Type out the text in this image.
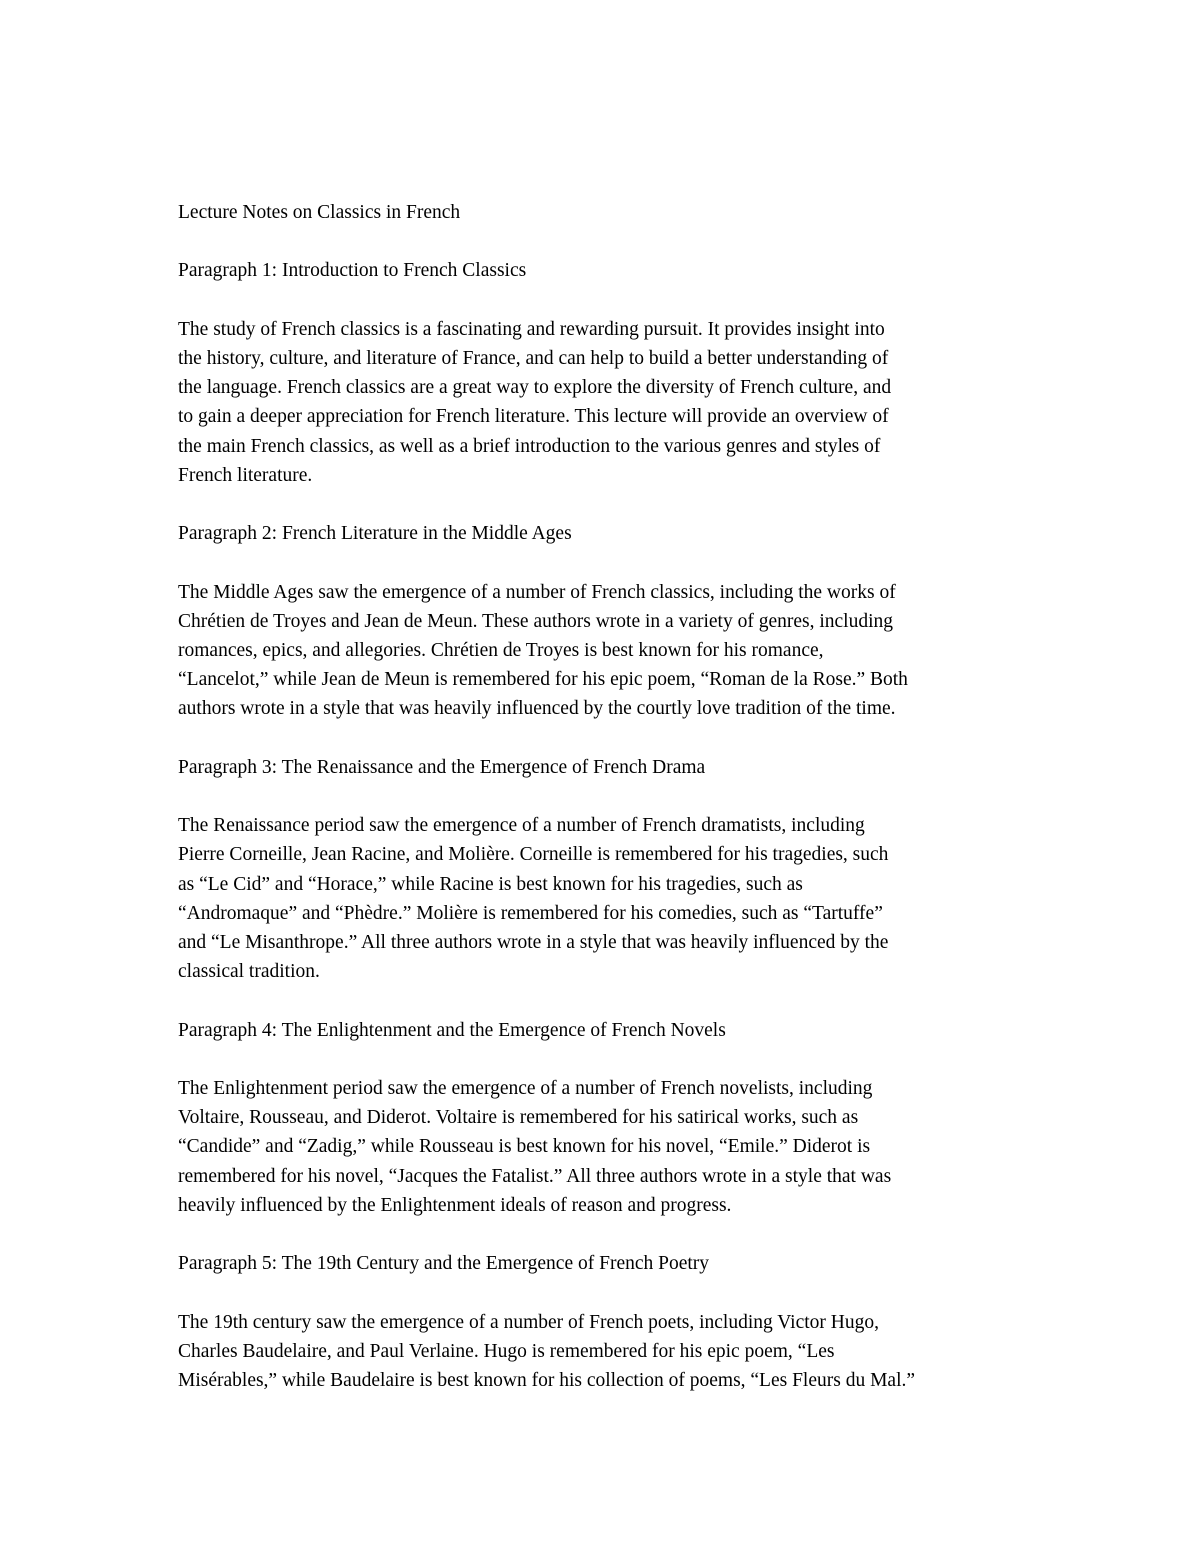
Lecture Notes on Classics in French
Paragraph 1: Introduction to French Classics
The study of French classics is a fascinating and rewarding pursuit. It provides insight into
the history, culture, and literature of France, and can help to build a better understanding of
the language. French classics are a great way to explore the diversity of French culture, and
to gain a deeper appreciation for French literature. This lecture will provide an overview of
the main French classics, as well as a brief introduction to the various genres and styles of
French literature.
Paragraph 2: French Literature in the Middle Ages
The Middle Ages saw the emergence of a number of French classics, including the works of
Chrétien de Troyes and Jean de Meun. These authors wrote in a variety of genres, including
romances, epics, and allegories. Chrétien de Troyes is best known for his romance,
“Lancelot,” while Jean de Meun is remembered for his epic poem, “Roman de la Rose.” Both
authors wrote in a style that was heavily influenced by the courtly love tradition of the time.
Paragraph 3: The Renaissance and the Emergence of French Drama
The Renaissance period saw the emergence of a number of French dramatists, including
Pierre Corneille, Jean Racine, and Molière. Corneille is remembered for his tragedies, such
as “Le Cid” and “Horace,” while Racine is best known for his tragedies, such as
“Andromaque” and “Phèdre.” Molière is remembered for his comedies, such as “Tartuffe”
and “Le Misanthrope.” All three authors wrote in a style that was heavily influenced by the
classical tradition.
Paragraph 4: The Enlightenment and the Emergence of French Novels
The Enlightenment period saw the emergence of a number of French novelists, including
Voltaire, Rousseau, and Diderot. Voltaire is remembered for his satirical works, such as
“Candide” and “Zadig,” while Rousseau is best known for his novel, “Emile.” Diderot is
remembered for his novel, “Jacques the Fatalist.” All three authors wrote in a style that was
heavily influenced by the Enlightenment ideals of reason and progress.
Paragraph 5: The 19th Century and the Emergence of French Poetry
The 19th century saw the emergence of a number of French poets, including Victor Hugo,
Charles Baudelaire, and Paul Verlaine. Hugo is remembered for his epic poem, “Les
Misérables,” while Baudelaire is best known for his collection of poems, “Les Fleurs du Mal.”
